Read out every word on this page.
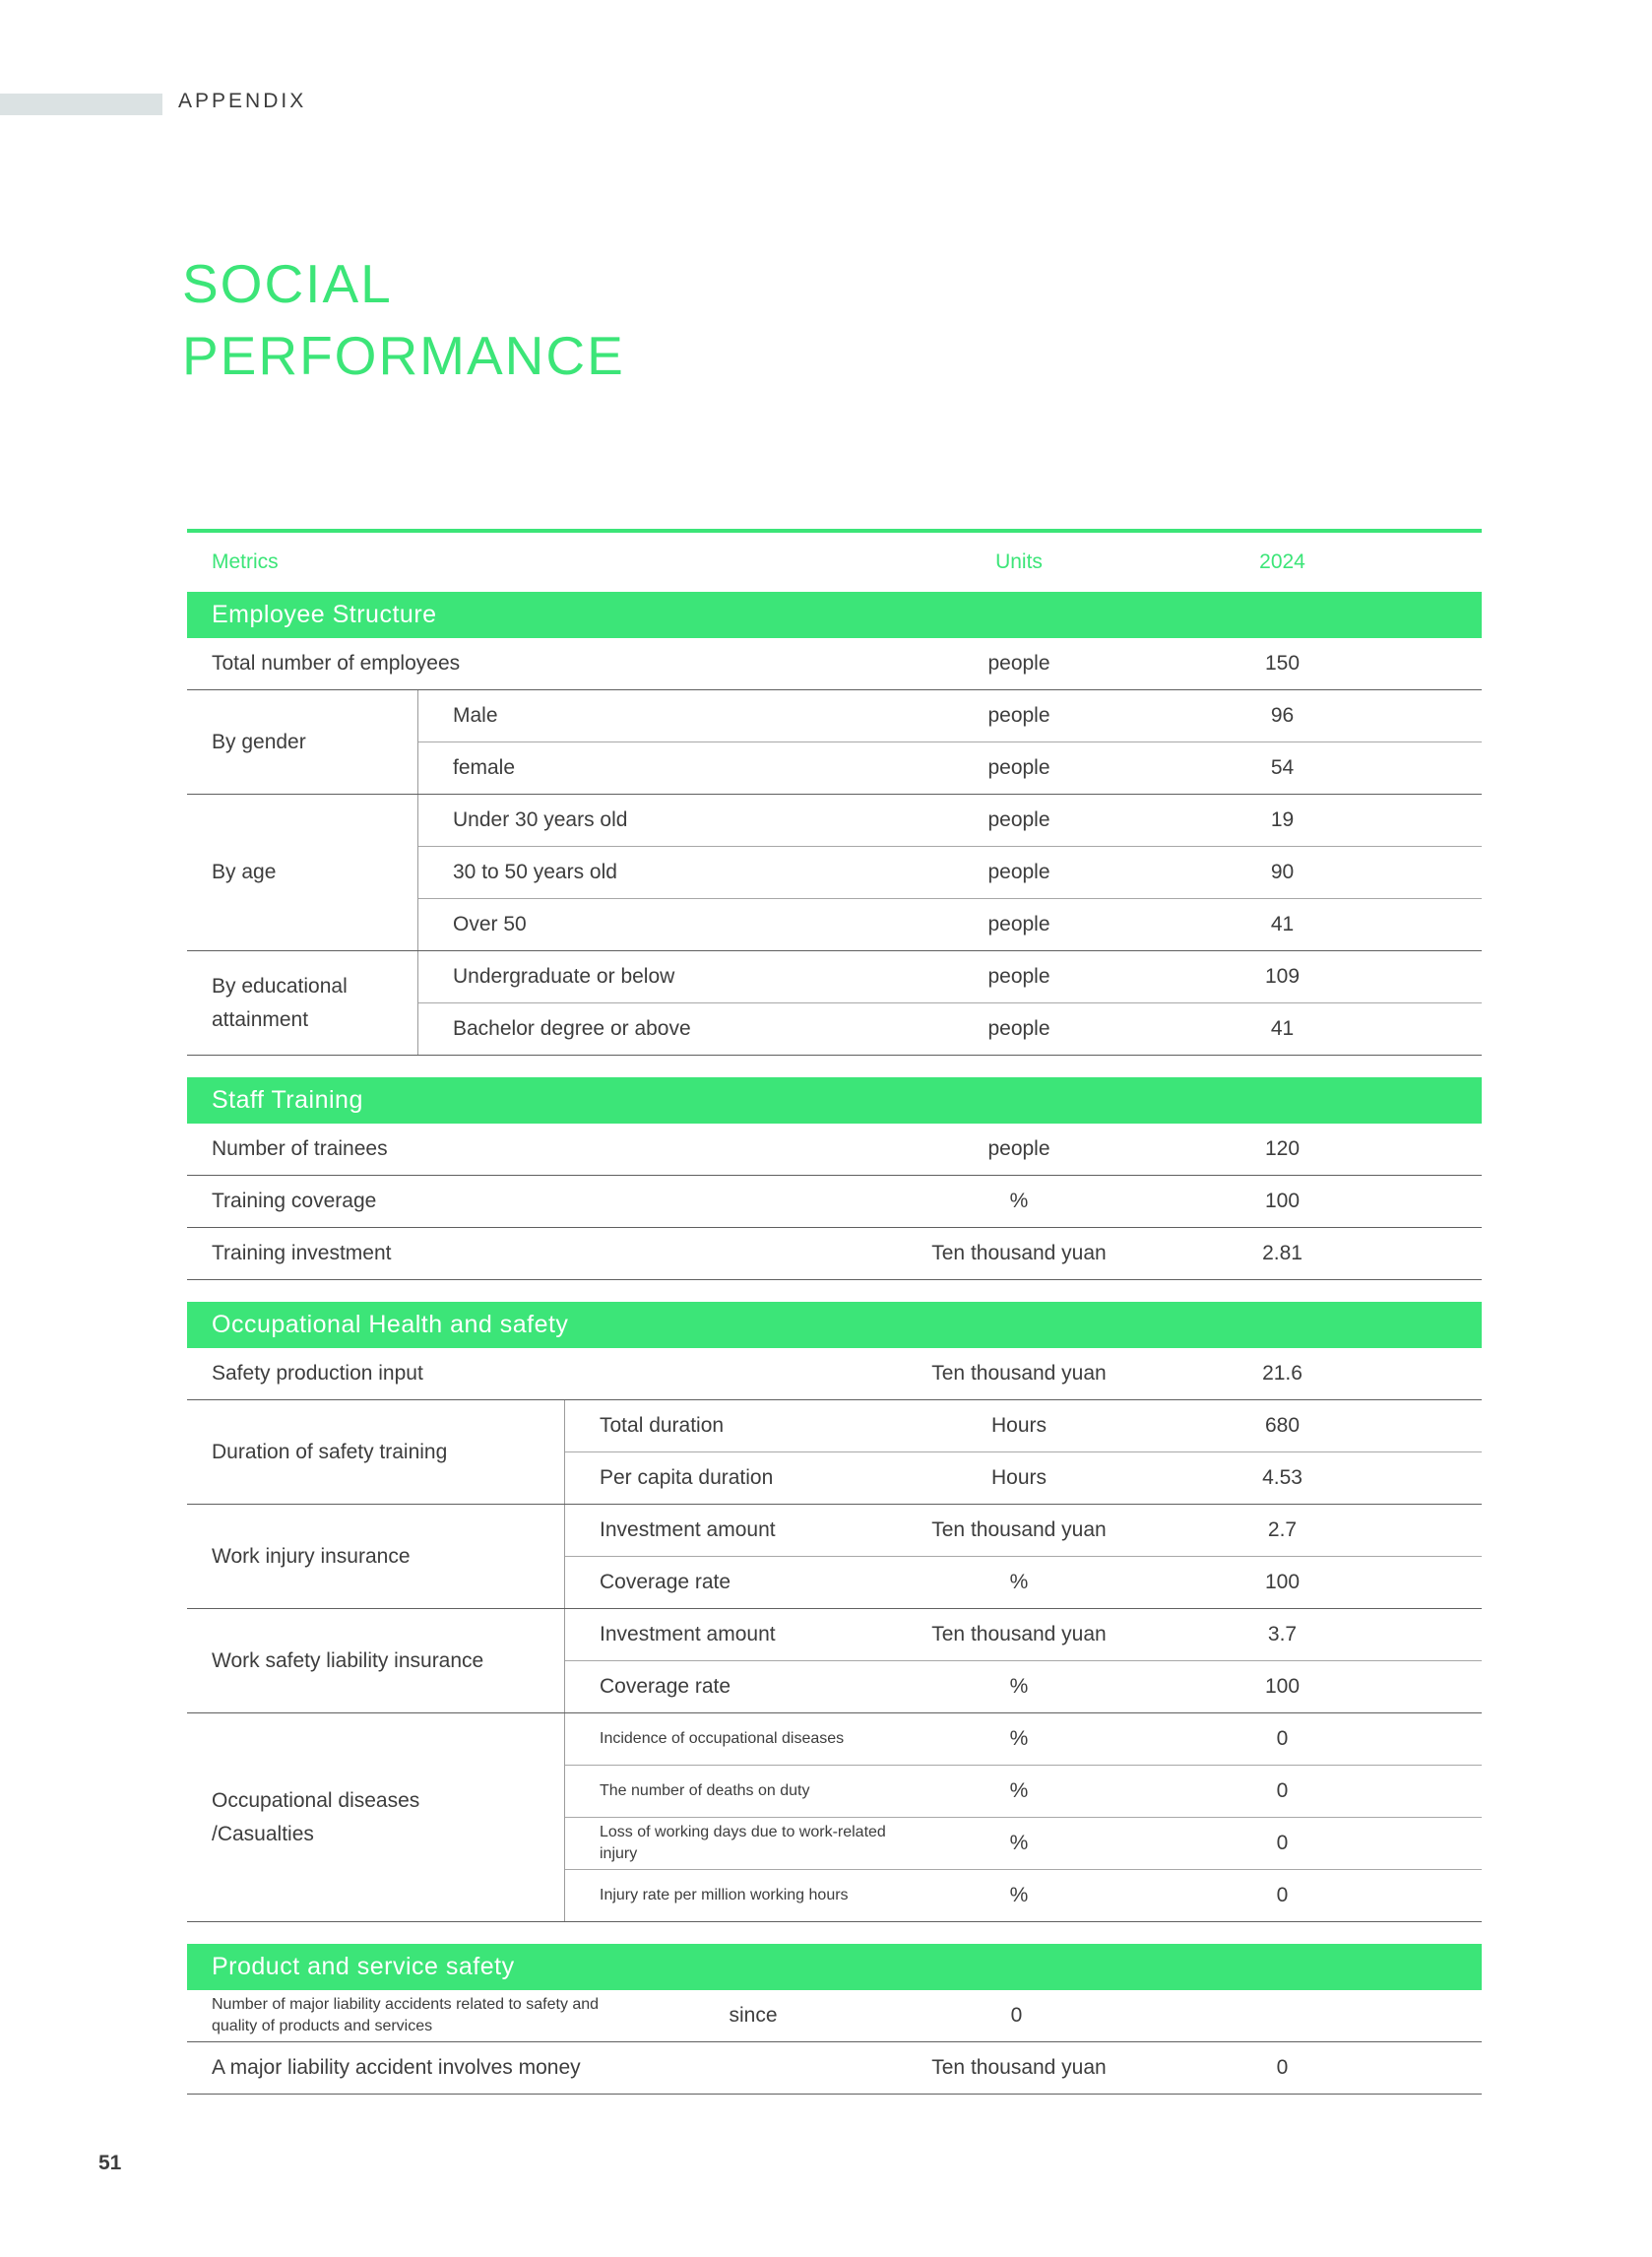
APPENDIX
SOCIAL
PERFORMANCE
Metrics	Units	2024
Employee Structure
Total number of employees	people	150
By gender
Male	people	96
female	people	54
By age
Under 30 years old	people	19
30 to 50 years old	people	90
Over 50	people	41
By educational attainment
Undergraduate or below	people	109
Bachelor degree or above	people	41
Staff Training
Number of trainees	people	120
Training coverage	%	100
Training investment	Ten thousand yuan	2.81
Occupational Health and safety
Safety production input	Ten thousand yuan	21.6
Duration of safety training
Total duration	Hours	680
Per capita duration	Hours	4.53
Work injury insurance
Investment amount	Ten thousand yuan	2.7
Coverage rate	%	100
Work safety liability insurance
Investment amount	Ten thousand yuan	3.7
Coverage rate	%	100
Occupational diseases
/Casualties
Incidence of occupational diseases	%	0
The number of deaths on duty	%	0
Loss of working days due to work-related injury	%	0
Injury rate per million working hours	%	0
Product and service safety
Number of major liability accidents related to safety and quality of products and services	since	0
A major liability accident involves money	Ten thousand yuan	0
51
